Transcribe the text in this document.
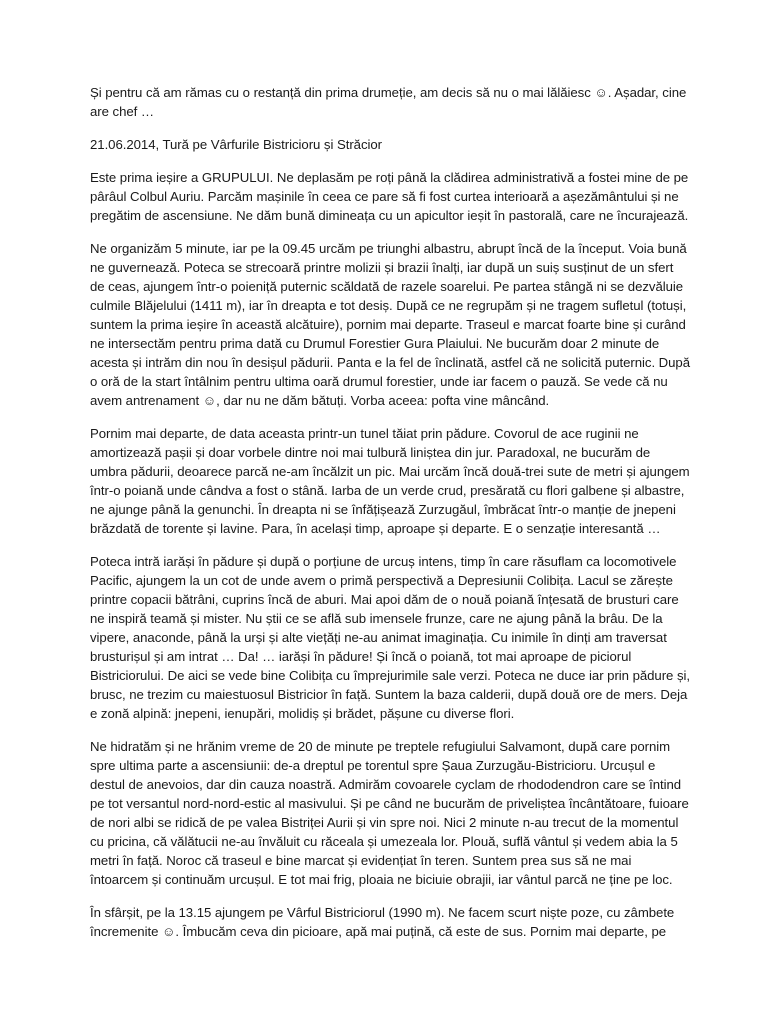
Și pentru că am rămas cu o restanță din prima drumeție, am decis să nu o mai lălăiesc ☺. Așadar, cine are chef …

21.06.2014, Tură pe Vârfurile Bistricioru și Străcior

Este prima ieșire a GRUPULUI. Ne deplasăm pe roți până la clădirea administrativă a fostei mine de pe pârâul Colbul Auriu. Parcăm mașinile în ceea ce pare să fi fost curtea interioară a așezământului și ne pregătim de ascensiune. Ne dăm bună dimineața cu un apicultor ieșit în pastorală, care ne încurajează.

Ne organizăm 5 minute, iar pe la 09.45 urcăm pe triunghi albastru, abrupt încă de la început. Voia bună ne guvernează. Poteca se strecoară printre molizii și brazii înalți, iar după un suiș susținut de un sfert de ceas, ajungem într-o poieniță puternic scăldată de razele soarelui. Pe partea stângă ni se dezvăluie culmile Blăjelului (1411 m), iar în dreapta e tot desiș. După ce ne regrupăm și ne tragem sufletul (totuși, suntem la prima ieșire în această alcătuire), pornim mai departe. Traseul e marcat foarte bine și curând ne intersectăm pentru prima dată cu Drumul Forestier Gura Plaiului. Ne bucurăm doar 2 minute de acesta și intrăm din nou în desișul pădurii. Panta e la fel de înclinată, astfel că ne solicită puternic. După o oră de la start întâlnim pentru ultima oară drumul forestier, unde iar facem o pauză. Se vede că nu avem antrenament ☺, dar nu ne dăm bătuți. Vorba aceea: pofta vine mâncând.

Pornim mai departe, de data aceasta printr-un tunel tăiat prin pădure. Covorul de ace ruginii ne amortizează pașii și doar vorbele dintre noi mai tulbură liniștea din jur. Paradoxal, ne bucurăm de umbra pădurii, deoarece parcă ne-am încălzit un pic. Mai urcăm încă două-trei sute de metri și ajungem într-o poiană unde cândva a fost o stână. Iarba de un verde crud, presărată cu flori galbene și albastre, ne ajunge până la genunchi. În dreapta ni se înfățișează Zurzugăul, îmbrăcat într-o manție de jnepeni brăzdată de torente și lavine. Para, în același timp, aproape și departe. E o senzație interesantă …

Poteca intră iarăși în pădure și după o porțiune de urcuș intens, timp în care răsuflam ca locomotivele Pacific, ajungem la un cot de unde avem o primă perspectivă a Depresiunii Colibița. Lacul se zărește printre copacii bătrâni, cuprins încă de aburi. Mai apoi dăm de o nouă poiană înțesată de brusturi care ne inspiră teamă și mister. Nu știi ce se află sub imensele frunze, care ne ajung până la brâu. De la vipere, anaconde, până la urși și alte viețăți ne-au animat imaginația. Cu inimile în dinți am traversat brusturișul și am intrat … Da! … iarăși în pădure! Și încă o poiană, tot mai aproape de piciorul Bistriciorului. De aici se vede bine Colibița cu împrejurimile sale verzi. Poteca ne duce iar prin pădure și, brusc, ne trezim cu maiestuosul Bistricior în față. Suntem la baza calderii, după două ore de mers. Deja e zonă alpină: jnepeni, ienupări, molidiș și brădet, pășune cu diverse flori.

Ne hidratăm și ne hrănim vreme de 20 de minute pe treptele refugiului Salvamont, după care pornim spre ultima parte a ascensiunii: de-a dreptul pe torentul spre Șaua Zurzugău-Bistricioru. Urcușul e destul de anevoios, dar din cauza noastră. Admirăm covoarele cyclam de rhododendron care se întind pe tot versantul nord-nord-estic al masivului. Și pe când ne bucurăm de priveliștea încântătoare, fuioare de nori albi se ridică de pe valea Bistriței Aurii și vin spre noi. Nici 2 minute n-au trecut de la momentul cu pricina, că vălătucii ne-au învăluit cu răceala și umezeala lor. Plouă, suflă vântul și vedem abia la 5 metri în față. Noroc că traseul e bine marcat și evidențiat în teren. Suntem prea sus să ne mai întoarcem și continuăm urcușul. E tot mai frig, ploaia ne biciuie obrajii, iar vântul parcă ne ține pe loc.

În sfârșit, pe la 13.15 ajungem pe Vârful Bistriciorul (1990 m). Ne facem scurt niște poze, cu zâmbete încremenite ☺. Îmbucăm ceva din picioare, apă mai puțină, că este de sus. Pornim mai departe, pe
